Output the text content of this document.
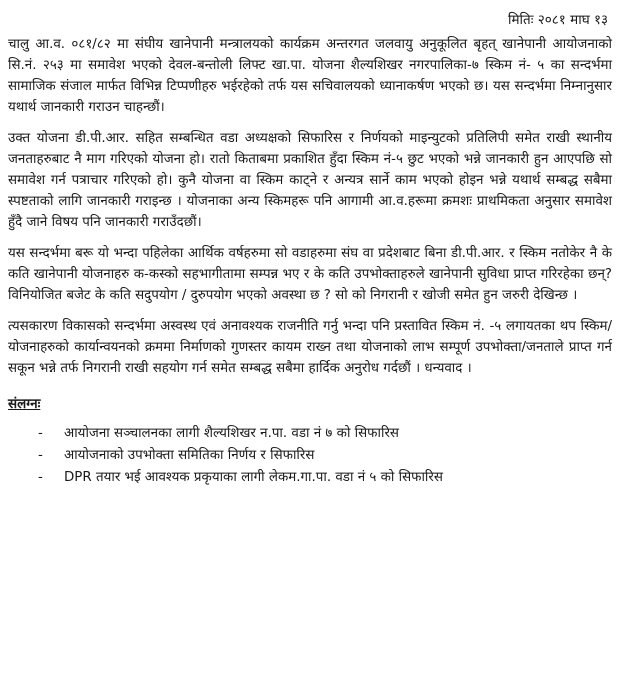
मितिः २०८१ माघ १३

चालु आ.व. ०८१/८२ मा संघीय खानेपानी मन्त्रालयको कार्यक्रम अन्तरगत जलवायु अनुकूलित बृहत् खानेपानी आयोजनाको सि.नं. २५३ मा समावेश भएको देवल-बन्तोली लिफ्ट खा.पा. योजना शैल्यशिखर नगरपालिका-७ स्किम नं- ५ का सन्दर्भमा सामाजिक संजाल मार्फत विभिन्न टिप्पणीहरु भईरहेको तर्फ यस सचिवालयको ध्यानाकर्षण भएको छ। यस सन्दर्भमा निम्नानुसार यथार्थ जानकारी गराउन चाहन्छौं।

उक्त योजना डी.पी.आर. सहित सम्बन्धित वडा अध्यक्षको सिफारिस र निर्णयको माइन्युटको प्रतिलिपी समेत राखी स्थानीय जनताहरुबाट नै माग गरिएको योजना हो। रातो किताबमा प्रकाशित हुँदा स्किम नं-५ छुट भएको भन्ने जानकारी हुन आएपछि सो समावेश गर्न पत्राचार गरिएको हो। कुनै योजना वा स्किम काट्ने र अन्यत्र सार्ने काम भएको होइन भन्ने यथार्थ सम्बद्ध सबैमा स्पष्टताको लागि जानकारी गराइन्छ । योजनाका अन्य स्किमहरू पनि आगामी आ.व.हरूमा क्रमशः प्राथमिकता अनुसार समावेश हुँदै जाने विषय पनि जानकारी गराउँदछौं।

यस सन्दर्भमा बरू यो भन्दा पहिलेका आर्थिक वर्षहरुमा सो वडाहरुमा संघ वा प्रदेशबाट बिना डी.पी.आर. र स्किम नतोकेर नै के कति खानेपानी योजनाहरु क-कस्को सहभागीतामा सम्पन्न भए र के कति उपभोक्ताहरुले खानेपानी सुविधा प्राप्त गरिरहेका छन्? विनियोजित बजेट के कति सदुपयोग / दुरुपयोग भएको अवस्था छ ? सो को निगरानी र खोजी समेत हुन जरुरी देखिन्छ ।

त्यसकारण विकासको सन्दर्भमा अस्वस्थ एवं अनावश्यक राजनीति गर्नु भन्दा पनि प्रस्तावित स्किम नं. -५ लगायतका थप स्किम/योजनाहरुको कार्यान्वयनको क्रममा निर्माणको गुणस्तर कायम राख्न तथा योजनाको लाभ सम्पूर्ण उपभोक्ता/जनताले प्राप्त गर्न सकून भन्ने तर्फ निगरानी राखी सहयोग गर्न समेत सम्बद्ध सबैमा हार्दिक अनुरोध गर्दछौं । धन्यवाद ।

संलग्नः
-	आयोजना सञ्चालनका लागी शैल्यशिखर न.पा. वडा नं ७ को सिफारिस
-	आयोजनाको उपभोक्ता समितिका निर्णय र सिफारिस
-	DPR तयार भई आवश्यक प्रकृयाका लागी लेकम.गा.पा. वडा नं ५ को सिफारिस
